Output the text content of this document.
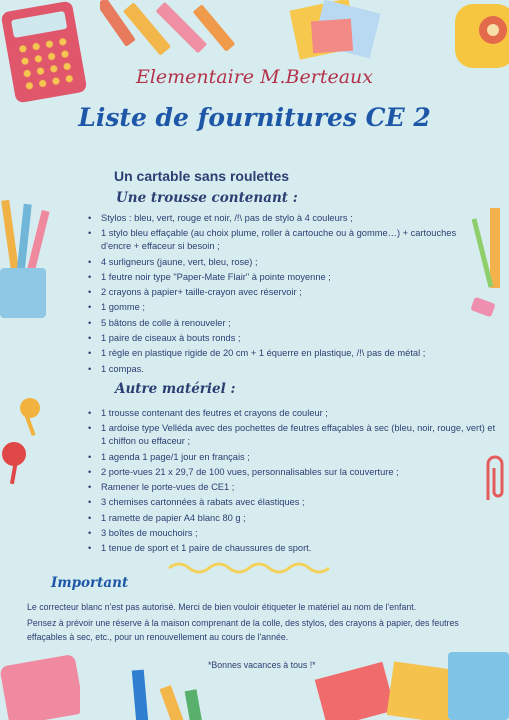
Elementaire M.Berteaux
Liste de fournitures CE 2
Un cartable sans roulettes
Une trousse contenant :
• Stylos : bleu, vert, rouge et noir, /!\ pas de stylo à 4 couleurs ;
• 1 stylo bleu effaçable (au choix plume, roller à cartouche ou à gomme…) + cartouches d'encre + effaceur si besoin ;
• 4 surligneurs (jaune, vert, bleu, rose) ;
• 1 feutre noir type "Paper-Mate Flair" à pointe moyenne ;
• 2 crayons à papier+ taille-crayon avec réservoir ;
• 1 gomme ;
• 5 bâtons de colle à renouveler ;
• 1 paire de ciseaux à bouts ronds ;
• 1 règle en plastique rigide de 20 cm + 1 équerre en plastique, /!\ pas de métal ;
• 1 compas.
Autre matériel :
• 1 trousse contenant des feutres et crayons de couleur ;
• 1 ardoise type Velléda avec des pochettes de feutres effaçables à sec (bleu, noir, rouge, vert) et 1 chiffon ou effaceur ;
• 1 agenda 1 page/1 jour en français ;
• 2 porte-vues 21 x 29,7 de 100 vues, personnalisables sur la couverture ;
• Ramener le porte-vues de CE1 ;
• 3 chemises cartonnées à rabats avec élastiques ;
• 1 ramette de papier A4 blanc 80 g ;
• 3 boîtes de mouchoirs ;
• 1 tenue de sport et 1 paire de chaussures de sport.
Important
Le correcteur blanc n'est pas autorisé. Merci de bien vouloir étiqueter le matériel au nom de l'enfant.
Pensez à prévoir une réserve à la maison comprenant de la colle, des stylos, des crayons à papier, des feutres effaçables à sec, etc., pour un renouvellement au cours de l'année.
*Bonnes vacances à tous !*
